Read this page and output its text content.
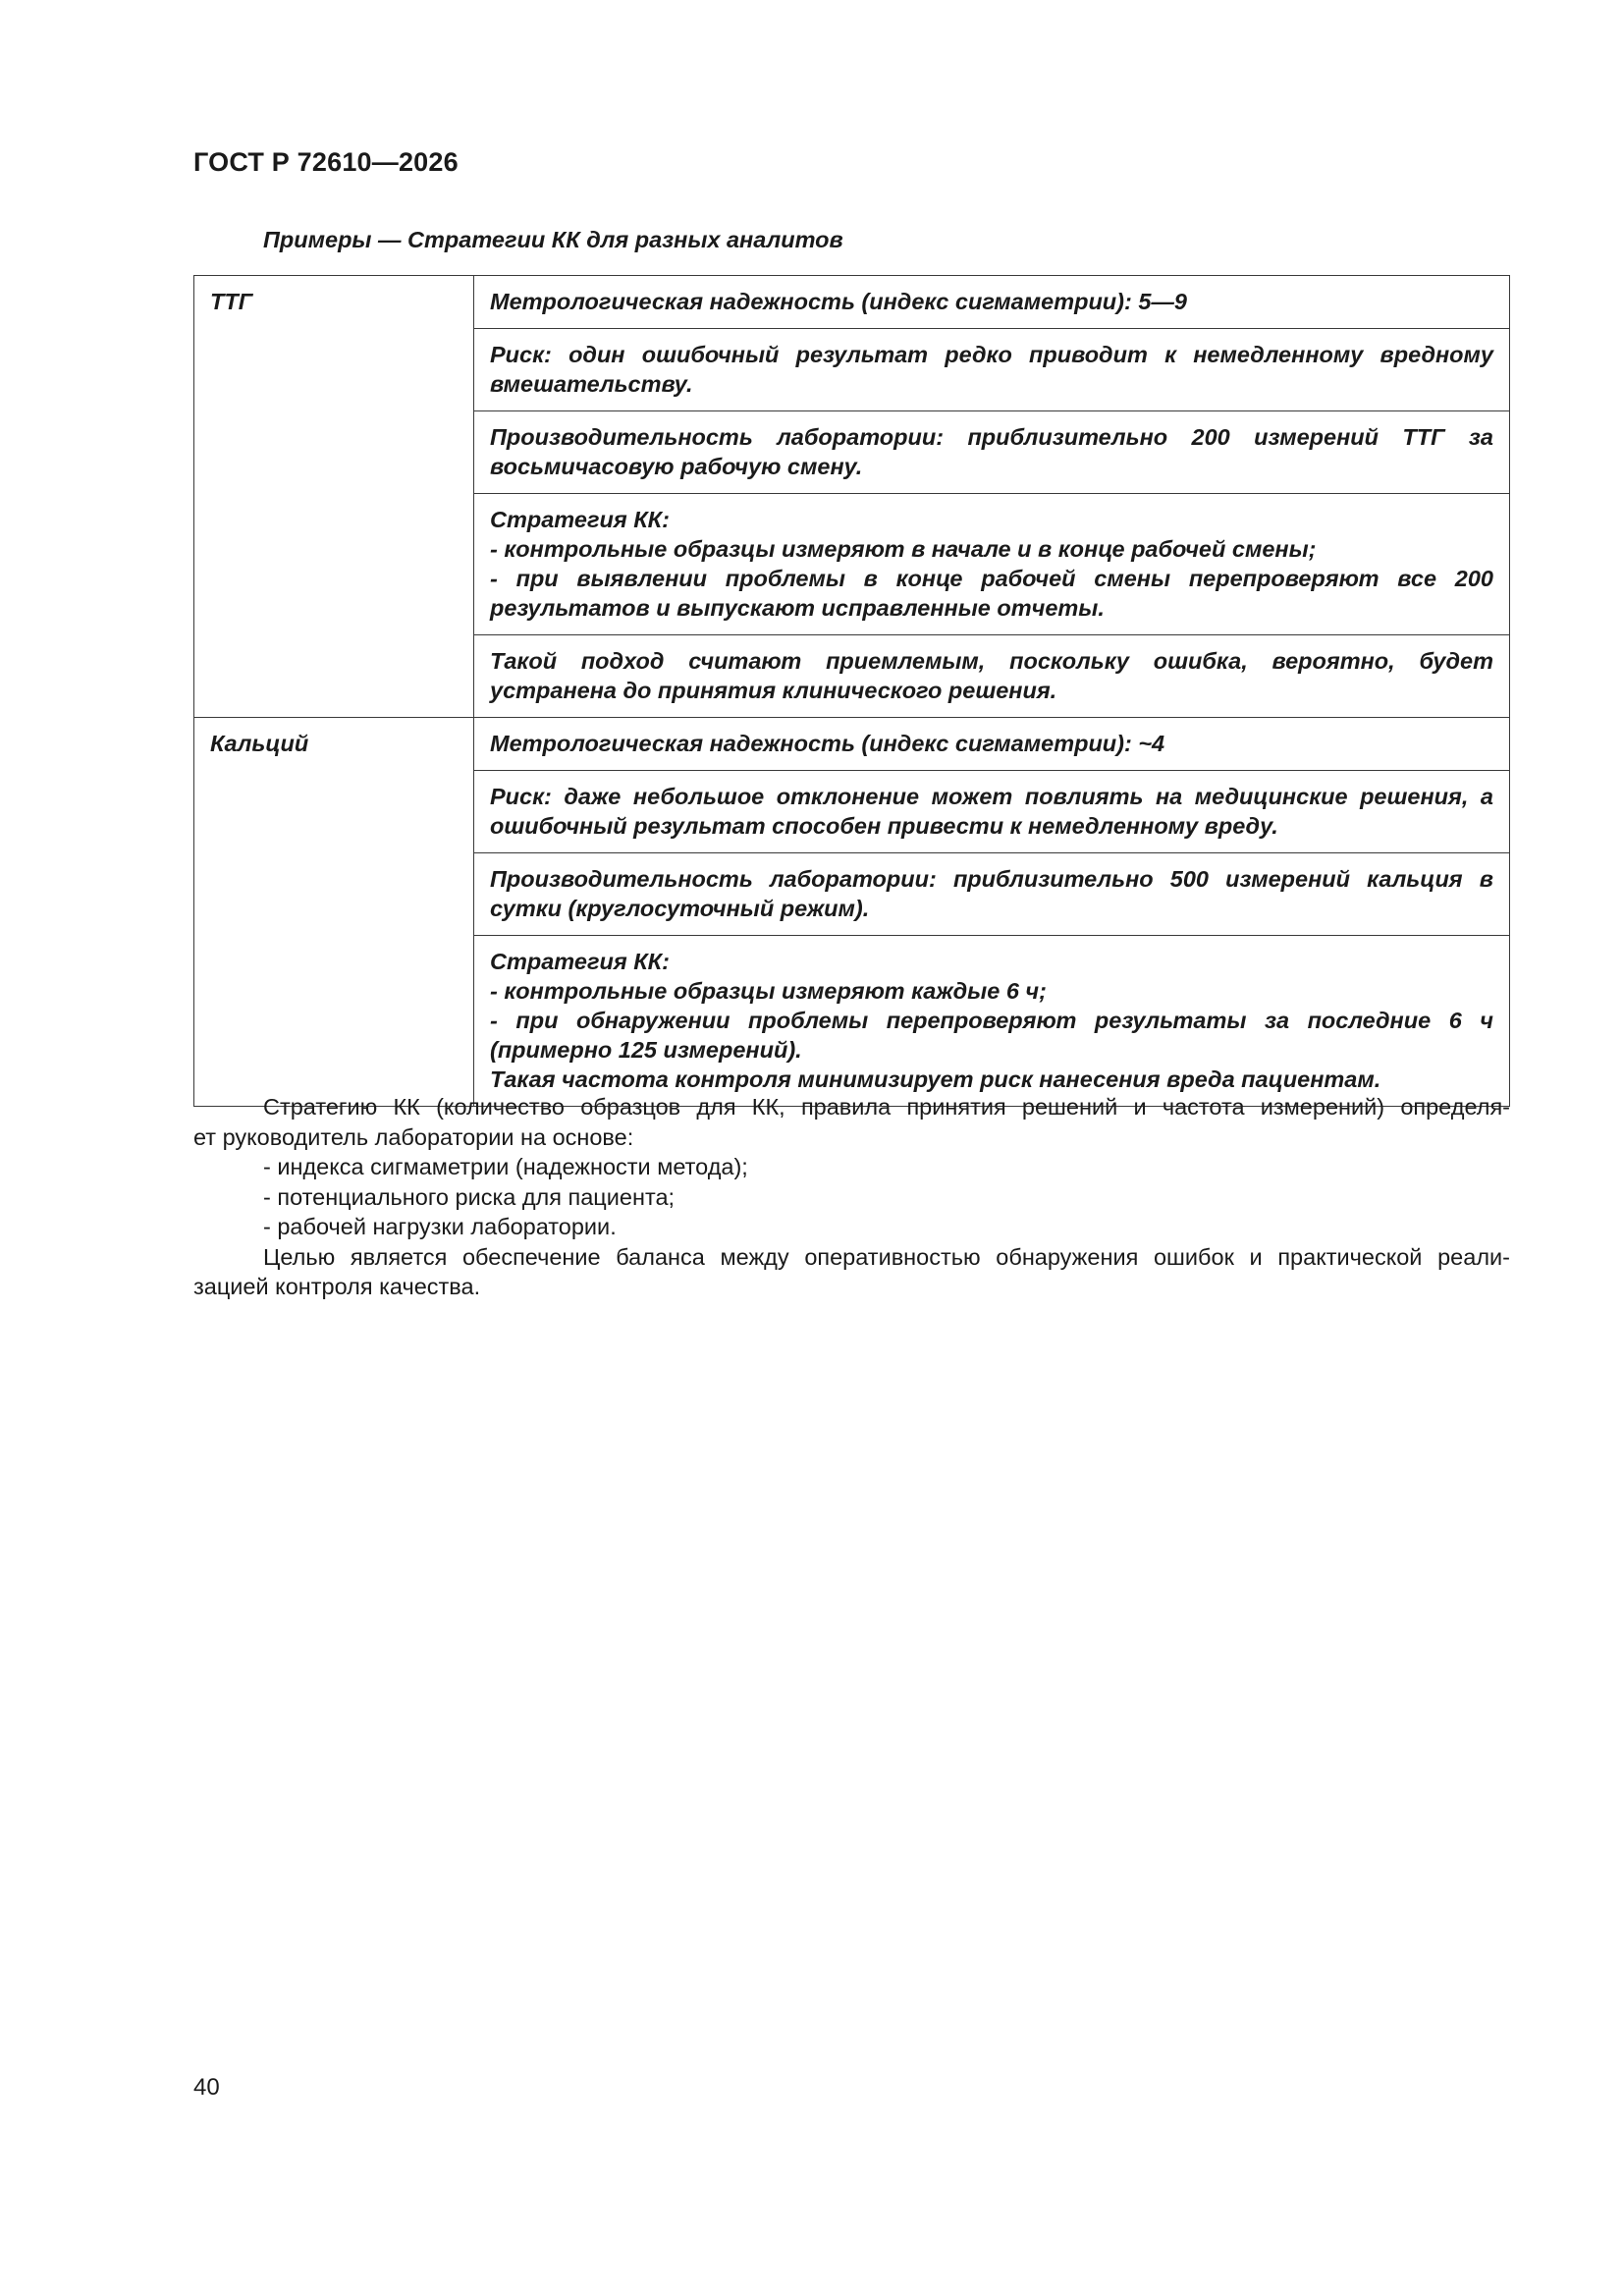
ГОСТ Р 72610—2026
Примеры — Стратегии КК для разных аналитов
ТТГ	Метрологическая надежность (индекс сигмаметрии): 5—9

	Риск: один ошибочный результат редко приводит к немедленному вредному вмешательству.

	Производительность лаборатории: приблизительно 200 измерений ТТГ за восьмичасовую рабочую смену.

	Стратегия КК:

- контрольные образцы измеряют в начале и в конце рабочей смены;

- при выявлении проблемы в конце рабочей смены перепроверяют все 200 результатов и выпускают исправленные отчеты.

	Такой подход считают приемлемым, поскольку ошибка, вероятно, будет устранена до принятия клинического решения.

Кальций	Метрологическая надежность (индекс сигмаметрии): ~4

	Риск: даже небольшое отклонение может повлиять на медицинские решения, а ошибочный результат способен привести к немедленному вреду.

	Производительность лаборатории: приблизительно 500 измерений кальция в сутки (круглосуточный режим).

	Стратегия КК:

- контрольные образцы измеряют каждые 6 ч;

- при обнаружении проблемы перепроверяют результаты за последние 6 ч (примерно 125 измерений).

Такая частота контроля минимизирует риск нанесения вреда пациентам.

Стратегию КК (количество образцов для КК, правила принятия решений и частота измерений) определя-

ет руководитель лаборатории на основе:

- индекса сигмаметрии (надежности метода);

- потенциального риска для пациента;

- рабочей нагрузки лаборатории.

Целью является обеспечение баланса между оперативностью обнаружения ошибок и практической реали-

зацией контроля качества.

40
